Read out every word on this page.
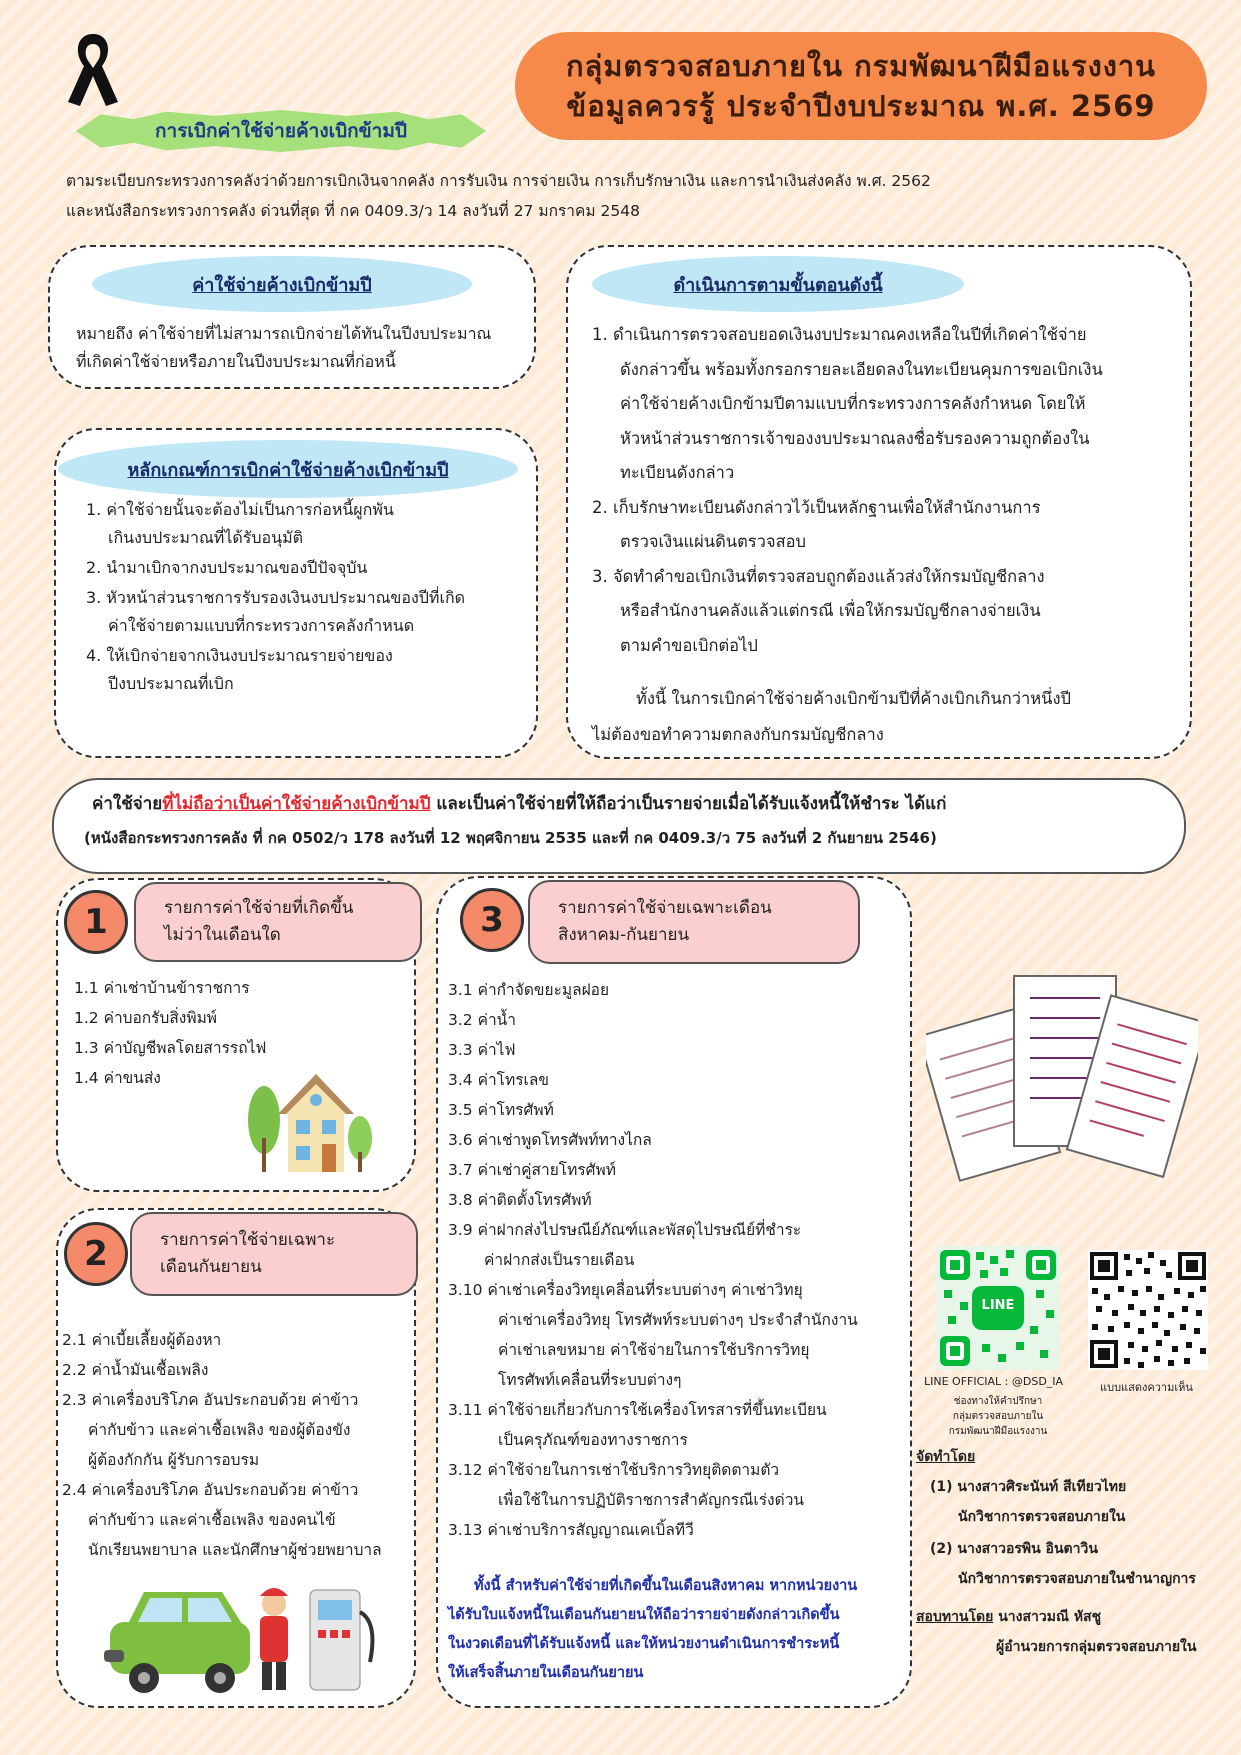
กลุ่มตรวจสอบภายใน กรมพัฒนาฝีมือแรงงาน
ข้อมูลควรรู้ ประจำปีงบประมาณ พ.ศ. 2569
การเบิกค่าใช้จ่ายค้างเบิกข้ามปี
ตามระเบียบกระทรวงการคลังว่าด้วยการเบิกเงินจากคลัง การรับเงิน การจ่ายเงิน การเก็บรักษาเงิน และการนำเงินส่งคลัง พ.ศ. 2562
และหนังสือกระทรวงการคลัง ด่วนที่สุด ที่ กค 0409.3/ว 14 ลงวันที่ 27 มกราคม 2548
ค่าใช้จ่ายค้างเบิกข้ามปี
หมายถึง ค่าใช้จ่ายที่ไม่สามารถเบิกจ่ายได้ทันในปีงบประมาณ
ที่เกิดค่าใช้จ่ายหรือภายในปีงบประมาณที่ก่อหนี้
หลักเกณฑ์การเบิกค่าใช้จ่ายค้างเบิกข้ามปี
1. ค่าใช้จ่ายนั้นจะต้องไม่เป็นการก่อหนี้ผูกพัน
เกินงบประมาณที่ได้รับอนุมัติ
2. นำมาเบิกจากงบประมาณของปีปัจจุบัน
3. หัวหน้าส่วนราชการรับรองเงินงบประมาณของปีที่เกิด
ค่าใช้จ่ายตามแบบที่กระทรวงการคลังกำหนด
4. ให้เบิกจ่ายจากเงินงบประมาณรายจ่ายของ
ปีงบประมาณที่เบิก
ดำเนินการตามขั้นตอนดังนี้
1. ดำเนินการตรวจสอบยอดเงินงบประมาณคงเหลือในปีที่เกิดค่าใช้จ่าย
ดังกล่าวขึ้น พร้อมทั้งกรอกรายละเอียดลงในทะเบียนคุมการขอเบิกเงิน
ค่าใช้จ่ายค้างเบิกข้ามปีตามแบบที่กระทรวงการคลังกำหนด โดยให้
หัวหน้าส่วนราชการเจ้าของงบประมาณลงชื่อรับรองความถูกต้องใน
ทะเบียนดังกล่าว
2. เก็บรักษาทะเบียนดังกล่าวไว้เป็นหลักฐานเพื่อให้สำนักงานการ
ตรวจเงินแผ่นดินตรวจสอบ
3. จัดทำคำขอเบิกเงินที่ตรวจสอบถูกต้องแล้วส่งให้กรมบัญชีกลาง
หรือสำนักงานคลังแล้วแต่กรณี เพื่อให้กรมบัญชีกลางจ่ายเงิน
ตามคำขอเบิกต่อไป
ทั้งนี้ ในการเบิกค่าใช้จ่ายค้างเบิกข้ามปีที่ค้างเบิกเกินกว่าหนึ่งปี
ไม่ต้องขอทำความตกลงกับกรมบัญชีกลาง
ค่าใช้จ่ายที่ไม่ถือว่าเป็นค่าใช้จ่ายค้างเบิกข้ามปี และเป็นค่าใช้จ่ายที่ให้ถือว่าเป็นรายจ่ายเมื่อได้รับแจ้งหนี้ให้ชำระ ได้แก่
(หนังสือกระทรวงการคลัง ที่ กค 0502/ว 178 ลงวันที่ 12 พฤศจิกายน 2535 และที่ กค 0409.3/ว 75 ลงวันที่ 2 กันยายน 2546)
รายการค่าใช้จ่ายที่เกิดขึ้น
ไม่ว่าในเดือนใด
1
1.1 ค่าเช่าบ้านข้าราชการ
1.2 ค่าบอกรับสิ่งพิมพ์
1.3 ค่าบัญชีพลโดยสารรถไฟ
1.4 ค่าขนส่ง
รายการค่าใช้จ่ายเฉพาะ
เดือนกันยายน
2
2.1 ค่าเบี้ยเลี้ยงผู้ต้องหา
2.2 ค่าน้ำมันเชื้อเพลิง
2.3 ค่าเครื่องบริโภค อันประกอบด้วย ค่าข้าว
ค่ากับข้าว และค่าเชื้อเพลิง ของผู้ต้องขัง
ผู้ต้องกักกัน ผู้รับการอบรม
2.4 ค่าเครื่องบริโภค อันประกอบด้วย ค่าข้าว
ค่ากับข้าว และค่าเชื้อเพลิง ของคนไข้
นักเรียนพยาบาล และนักศึกษาผู้ช่วยพยาบาล
รายการค่าใช้จ่ายเฉพาะเดือน
สิงหาคม-กันยายน
3
3.1 ค่ากำจัดขยะมูลฝอย
3.2 ค่าน้ำ
3.3 ค่าไฟ
3.4 ค่าโทรเลข
3.5 ค่าโทรศัพท์
3.6 ค่าเช่าพูดโทรศัพท์ทางไกล
3.7 ค่าเช่าคู่สายโทรศัพท์
3.8 ค่าติดตั้งโทรศัพท์
3.9 ค่าฝากส่งไปรษณีย์ภัณฑ์และพัสดุไปรษณีย์ที่ชำระ
ค่าฝากส่งเป็นรายเดือน
3.10 ค่าเช่าเครื่องวิทยุเคลื่อนที่ระบบต่างๆ ค่าเช่าวิทยุ
ค่าเช่าเครื่องวิทยุ โทรศัพท์ระบบต่างๆ ประจำสำนักงาน
ค่าเช่าเลขหมาย ค่าใช้จ่ายในการใช้บริการวิทยุ
โทรศัพท์เคลื่อนที่ระบบต่างๆ
3.11 ค่าใช้จ่ายเกี่ยวกับการใช้เครื่องโทรสารที่ขึ้นทะเบียน
เป็นครุภัณฑ์ของทางราชการ
3.12 ค่าใช้จ่ายในการเช่าใช้บริการวิทยุติดตามตัว
เพื่อใช้ในการปฏิบัติราชการสำคัญกรณีเร่งด่วน
3.13 ค่าเช่าบริการสัญญาณเคเบิ้ลทีวี
ทั้งนี้ สำหรับค่าใช้จ่ายที่เกิดขึ้นในเดือนสิงหาคม หากหน่วยงาน
ได้รับใบแจ้งหนี้ในเดือนกันยายนให้ถือว่ารายจ่ายดังกล่าวเกิดขึ้น
ในงวดเดือนที่ได้รับแจ้งหนี้ และให้หน่วยงานดำเนินการชำระหนี้
ให้เสร็จสิ้นภายในเดือนกันยายน
LINE
LINE OFFICIAL : @DSD_IA
ช่องทางให้คำปรึกษา
กลุ่มตรวจสอบภายใน
กรมพัฒนาฝีมือแรงงาน
แบบแสดงความเห็น
จัดทำโดย
(1) นางสาวศิระนันท์ สีเทียวไทย
นักวิชาการตรวจสอบภายใน
(2) นางสาวอรพิน อินตาวิน
นักวิชาการตรวจสอบภายในชำนาญการ
สอบทานโดย นางสาวมณี หัสชู
ผู้อำนวยการกลุ่มตรวจสอบภายใน
